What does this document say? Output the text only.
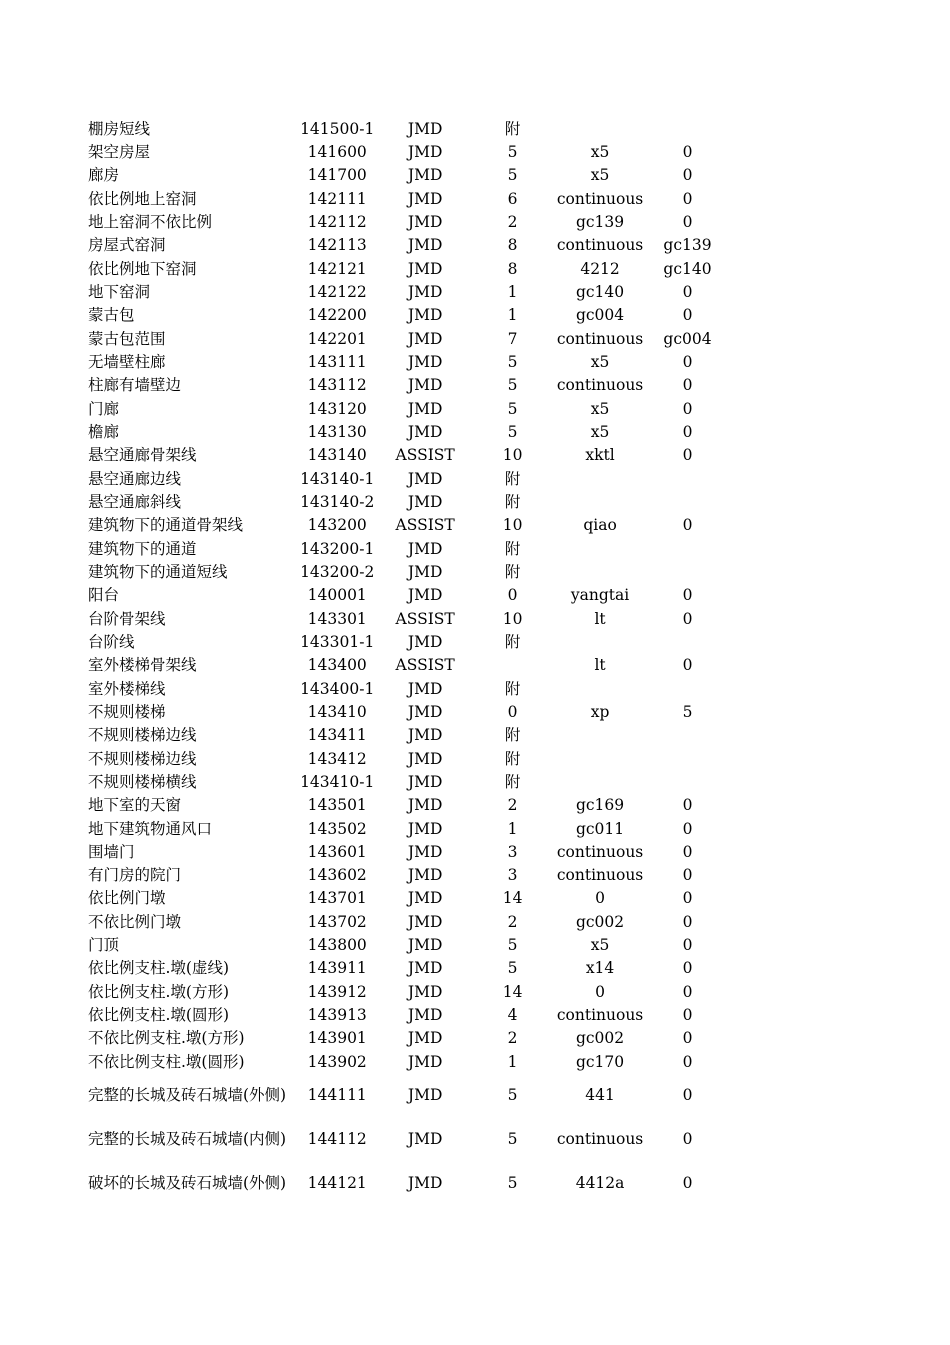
棚房短线	141500-1	JMD	附		
架空房屋	141600	JMD	5	x5	0
廊房	141700	JMD	5	x5	0
依比例地上窑洞	142111	JMD	6	continuous	0
地上窑洞不依比例	142112	JMD	2	gc139	0
房屋式窑洞	142113	JMD	8	continuous	gc139
依比例地下窑洞	142121	JMD	8	4212	gc140
地下窑洞	142122	JMD	1	gc140	0
蒙古包	142200	JMD	1	gc004	0
蒙古包范围	142201	JMD	7	continuous	gc004
无墙壁柱廊	143111	JMD	5	x5	0
柱廊有墙壁边	143112	JMD	5	continuous	0
门廊	143120	JMD	5	x5	0
檐廊	143130	JMD	5	x5	0
悬空通廊骨架线	143140	ASSIST	10	xktl	0
悬空通廊边线	143140-1	JMD	附		
悬空通廊斜线	143140-2	JMD	附		
建筑物下的通道骨架线	143200	ASSIST	10	qiao	0
建筑物下的通道	143200-1	JMD	附		
建筑物下的通道短线	143200-2	JMD	附		
阳台	140001	JMD	0	yangtai	0
台阶骨架线	143301	ASSIST	10	lt	0
台阶线	143301-1	JMD	附		
室外楼梯骨架线	143400	ASSIST		lt	0
室外楼梯线	143400-1	JMD	附		
不规则楼梯	143410	JMD	0	xp	5
不规则楼梯边线	143411	JMD	附		
不规则楼梯边线	143412	JMD	附		
不规则楼梯横线	143410-1	JMD	附		
地下室的天窗	143501	JMD	2	gc169	0
地下建筑物通风口	143502	JMD	1	gc011	0
围墙门	143601	JMD	3	continuous	0
有门房的院门	143602	JMD	3	continuous	0
依比例门墩	143701	JMD	14	0	0
不依比例门墩	143702	JMD	2	gc002	0
门顶	143800	JMD	5	x5	0
依比例支柱.墩(虚线)	143911	JMD	5	x14	0
依比例支柱.墩(方形)	143912	JMD	14	0	0
依比例支柱.墩(圆形)	143913	JMD	4	continuous	0
不依比例支柱.墩(方形)	143901	JMD	2	gc002	0
不依比例支柱.墩(圆形)	143902	JMD	1	gc170	0
完整的长城及砖石城墙(外侧)	144111	JMD	5	441	0
完整的长城及砖石城墙(内侧)	144112	JMD	5	continuous	0
破坏的长城及砖石城墙(外侧)	144121	JMD	5	4412a	0
